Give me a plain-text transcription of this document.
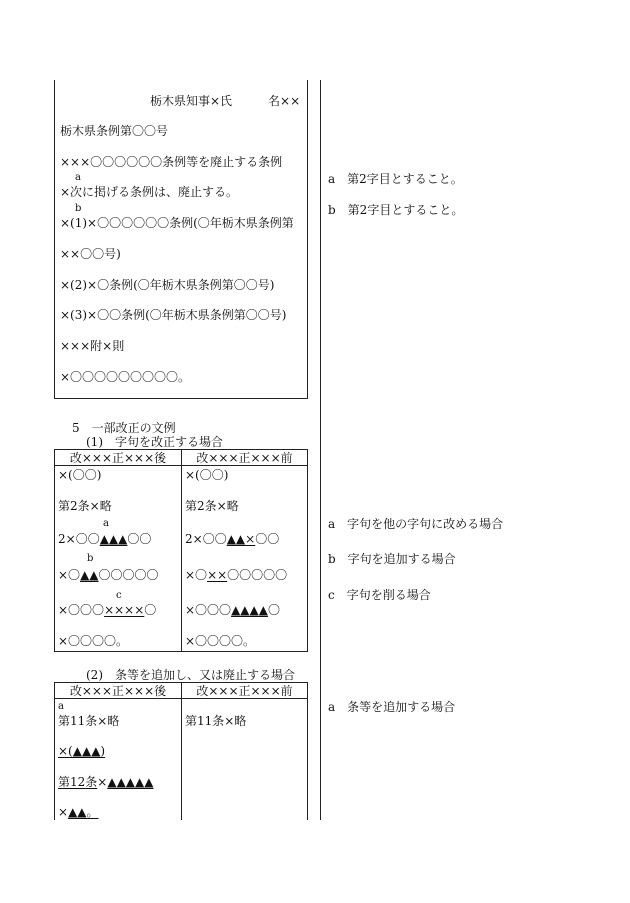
栃木県知事×氏　　　名××
栃木県条例第〇〇号
×××〇〇〇〇〇〇条例等を廃止する条例
a
×次に掲げる条例は、廃止する。
b
×(1)×〇〇〇〇〇〇条例(〇年栃木県条例第
××〇〇号)
×(2)×〇条例(〇年栃木県条例第〇〇号)
×(3)×〇〇条例(〇年栃木県条例第〇〇号)
×××附×則
×〇〇〇〇〇〇〇〇〇。
a　第2字目とすること。
b　第2字目とすること。
5　一部改正の文例
(1)　字句を改正する場合
改×××正×××後	改×××正×××前
×(〇〇)
第2条×略
a
2×〇〇▲▲▲〇〇
b
×〇▲▲〇〇〇〇〇
c
×〇〇〇××××〇
×〇〇〇〇。
×(〇〇)
第2条×略
2×〇〇▲▲×〇〇
×〇××〇〇〇〇〇
×〇〇〇▲▲▲▲〇
×〇〇〇〇。
a　字句を他の字句に改める場合
b　字句を追加する場合
c　字句を削る場合
(2)　条等を追加し、又は廃止する場合
改×××正×××後	改×××正×××前
a
第11条×略
×(▲▲▲)
第12条×▲▲▲▲▲
×▲▲。
第11条×略
a　条等を追加する場合
